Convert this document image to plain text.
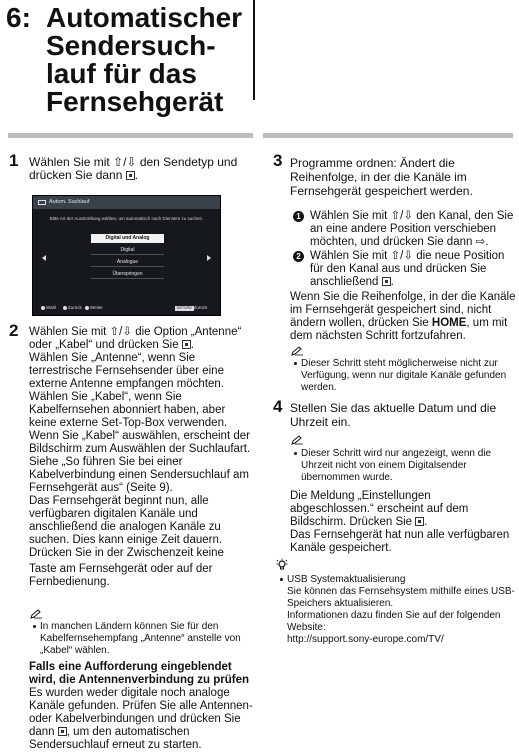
6: Automatischer
Sendersuch-
lauf für das
Fernsehgerät
1 Wählen Sie mit ⇧/⇩ den Sendetyp und
drücken Sie dann .
Autom. Suchlauf
Bitte Art der Ausstrahlung wählen, um automatisch nach Diensten zu suchen.
Digital und Analog
Digital
Analogue
Überspringen
Wahl	Zurück Weiter	RETURN Zurück
2 Wählen Sie mit ⇧/⇩ die Option „Antenne“
oder „Kabel“ und drücken Sie .
Wählen Sie „Antenne“, wenn Sie
terrestrische Fernsehsender über eine
externe Antenne empfangen möchten.
Wählen Sie „Kabel“, wenn Sie
Kabelfernsehen abonniert haben, aber
keine externe Set-Top-Box verwenden.
Wenn Sie „Kabel“ auswählen, erscheint der
Bildschirm zum Auswählen der Suchlaufart.
Siehe „So führen Sie bei einer
Kabelverbindung einen Sendersuchlauf am
Fernsehgerät aus“ (Seite 9).
Das Fernsehgerät beginnt nun, alle
verfügbaren digitalen Kanäle und
anschließend die analogen Kanäle zu
suchen. Dies kann einige Zeit dauern.
Drücken Sie in der Zwischenzeit keine
Taste am Fernsehgerät oder auf der
Fernbedienung.
In manchen Ländern können Sie für den
Kabelfernsehempfang „Antenne“ anstelle von
„Kabel“ wählen.
Falls eine Aufforderung eingeblendet
wird, die Antennenverbindung zu prüfen
Es wurden weder digitale noch analoge
Kanäle gefunden. Prüfen Sie alle Antennen-
oder Kabelverbindungen und drücken Sie
dann , um den automatischen
Sendersuchlauf erneut zu starten.
3 Programme ordnen: Ändert die
Reihenfolge, in der die Kanäle im
Fernsehgerät gespeichert werden.
1 Wählen Sie mit ⇧/⇩ den Kanal, den Sie
an eine andere Position verschieben
möchten, und drücken Sie dann ⇨.
2 Wählen Sie mit ⇧/⇩ die neue Position
für den Kanal aus und drücken Sie
anschließend .
Wenn Sie die Reihenfolge, in der die Kanäle
im Fernsehgerät gespeichert sind, nicht
ändern wollen, drücken Sie HOME, um mit
dem nächsten Schritt fortzufahren.
Dieser Schritt steht möglicherweise nicht zur
Verfügung, wenn nur digitale Kanäle gefunden
werden.
4 Stellen Sie das aktuelle Datum und die
Uhrzeit ein.
Dieser Schritt wird nur angezeigt, wenn die
Uhrzeit nicht von einem Digitalsender
übernommen wurde.
Die Meldung „Einstellungen
abgeschlossen.“ erscheint auf dem
Bildschirm. Drücken Sie .
Das Fernsehgerät hat nun alle verfügbaren
Kanäle gespeichert.
USB Systemaktualisierung
Sie können das Fernsehsystem mithilfe eines USB-
Speichers aktualisieren.
Informationen dazu finden Sie auf der folgenden
Website:
http://support.sony-europe.com/TV/
